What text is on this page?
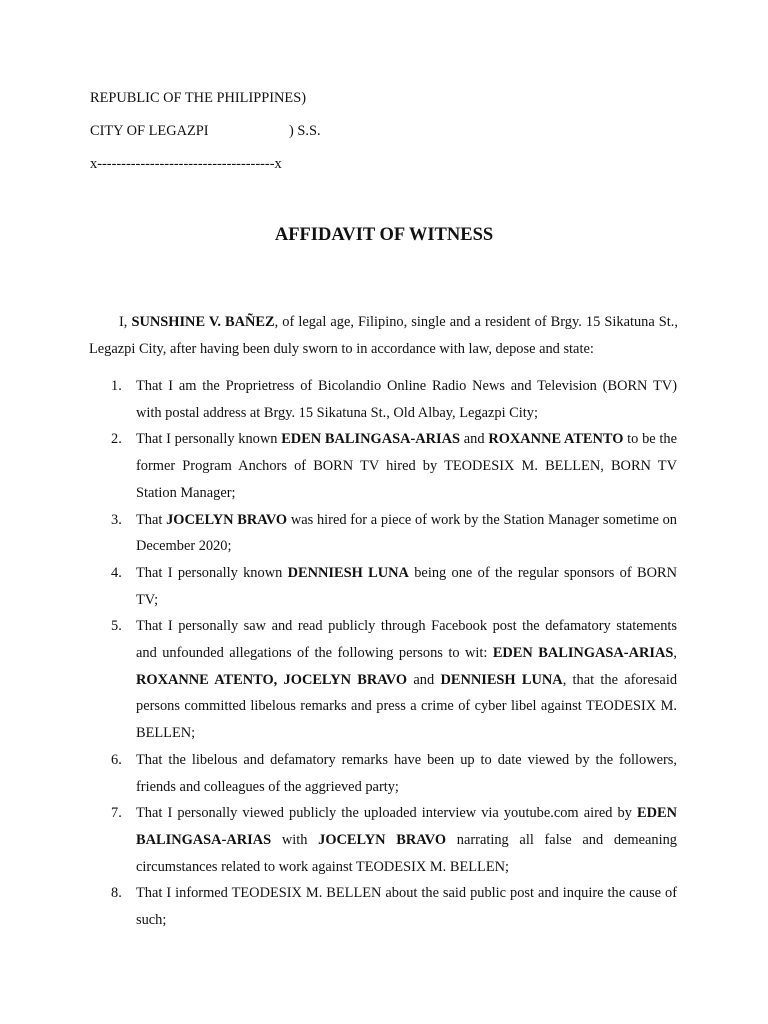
REPUBLIC OF THE PHILIPPINES)
CITY OF LEGAZPI	) S.S.
x-------------------------------------x
AFFIDAVIT OF WITNESS

I, SUNSHINE V. BAÑEZ, of legal age, Filipino, single and a resident of Brgy. 15 Sikatuna St., Legazpi City, after having been duly sworn to in accordance with law, depose and state:

1. That I am the Proprietress of Bicolandio Online Radio News and Television (BORN TV) with postal address at Brgy. 15 Sikatuna St., Old Albay, Legazpi City;
2. That I personally known EDEN BALINGASA-ARIAS and ROXANNE ATENTO to be the former Program Anchors of BORN TV hired by TEODESIX M. BELLEN, BORN TV Station Manager;
3. That JOCELYN BRAVO was hired for a piece of work by the Station Manager sometime on December 2020;
4. That I personally known DENNIESH LUNA being one of the regular sponsors of BORN TV;
5. That I personally saw and read publicly through Facebook post the defamatory statements and unfounded allegations of the following persons to wit: EDEN BALINGASA-ARIAS, ROXANNE ATENTO, JOCELYN BRAVO and DENNIESH LUNA, that the aforesaid persons committed libelous remarks and press a crime of cyber libel against TEODESIX M. BELLEN;
6. That the libelous and defamatory remarks have been up to date viewed by the followers, friends and colleagues of the aggrieved party;
7. That I personally viewed publicly the uploaded interview via youtube.com aired by EDEN BALINGASA-ARIAS with JOCELYN BRAVO narrating all false and demeaning circumstances related to work against TEODESIX M. BELLEN;
8. That I informed TEODESIX M. BELLEN about the said public post and inquire the cause of such;
